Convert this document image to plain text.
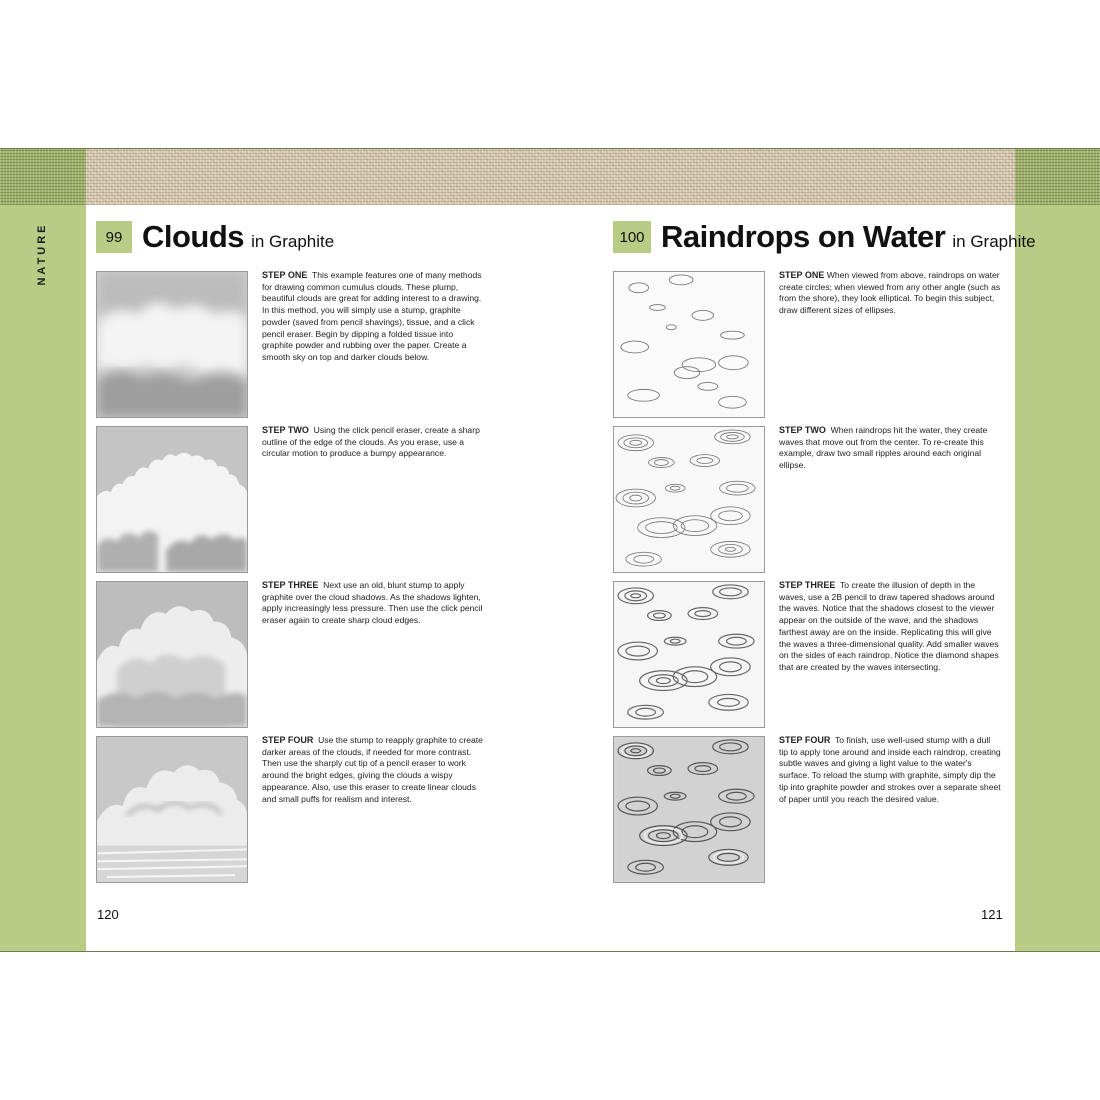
NATURE	99 Clouds in Graphite	100 Raindrops on Water in Graphite
STEP ONE This example features one of many methods for drawing common cumulus clouds. These plump, beautiful clouds are great for adding interest to a drawing. In this method, you will simply use a stump, graphite powder (saved from pencil shavings), tissue, and a click pencil eraser. Begin by dipping a folded tissue into graphite powder and rubbing over the paper. Create a smooth sky on top and darker clouds below.
STEP TWO Using the click pencil eraser, create a sharp outline of the edge of the clouds. As you erase, use a circular motion to produce a bumpy appearance.
STEP THREE Next use an old, blunt stump to apply graphite over the cloud shadows. As the shadows lighten, apply increasingly less pressure. Then use the click pencil eraser again to create sharp cloud edges.
STEP FOUR Use the stump to reapply graphite to create darker areas of the clouds, if needed for more contrast. Then use the sharply cut tip of a pencil eraser to work around the bright edges, giving the clouds a wispy appearance. Also, use this eraser to create linear clouds and small puffs for realism and interest.
STEP ONE When viewed from above, raindrops on water create circles; when viewed from any other angle (such as from the shore), they look elliptical. To begin this subject, draw different sizes of ellipses.
STEP TWO When raindrops hit the water, they create waves that move out from the center. To re-create this example, draw two small ripples around each original ellipse.
STEP THREE To create the illusion of depth in the waves, use a 2B pencil to draw tapered shadows around the waves. Notice that the shadows closest to the viewer appear on the outside of the wave, and the shadows farthest away are on the inside. Replicating this will give the waves a three-dimensional quality. Add smaller waves on the sides of each raindrop. Notice the diamond shapes that are created by the waves intersecting.
STEP FOUR To finish, use well-used stump with a dull tip to apply tone around and inside each raindrop, creating subtle waves and giving a light value to the water's surface. To reload the stump with graphite, simply dip the tip into graphite powder and strokes over a separate sheet of paper until you reach the desired value.
120	121
